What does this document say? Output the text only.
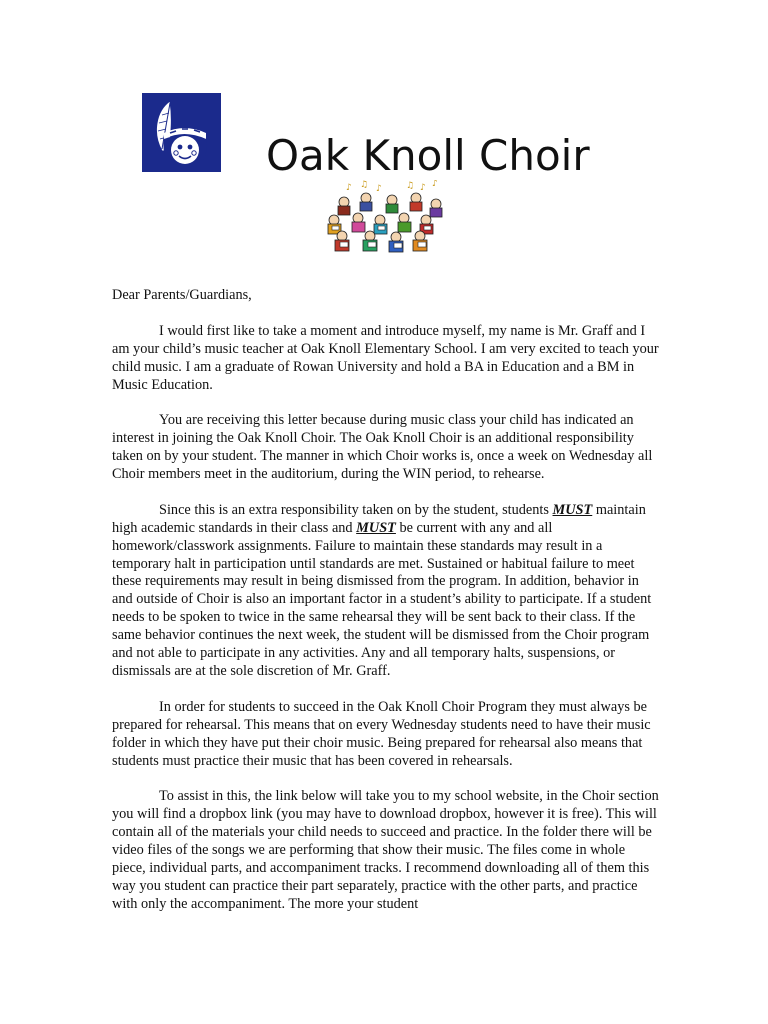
Oak Knoll Choir
♪ ♫ ♪	♫ ♪ ♪

Dear Parents/Guardians,

I would first like to take a moment and introduce myself, my name is Mr. Graff and I am your child’s music teacher at Oak Knoll Elementary School. I am very excited to teach your child music. I am a graduate of Rowan University and hold a BA in Education and a BM in Music Education.

You are receiving this letter because during music class your child has indicated an interest in joining the Oak Knoll Choir. The Oak Knoll Choir is an additional responsibility taken on by your student. The manner in which Choir works is, once a week on Wednesday all Choir members meet in the auditorium, during the WIN period, to rehearse.

Since this is an extra responsibility taken on by the student, students MUST maintain high academic standards in their class and MUST be current with any and all homework/classwork assignments. Failure to maintain these standards may result in a temporary halt in participation until standards are met. Sustained or habitual failure to meet these requirements may result in being dismissed from the program. In addition, behavior in and outside of Choir is also an important factor in a student’s ability to participate. If a student needs to be spoken to twice in the same rehearsal they will be sent back to their class. If the same behavior continues the next week, the student will be dismissed from the Choir program and not able to participate in any activities. Any and all temporary halts, suspensions, or dismissals are at the sole discretion of Mr. Graff.

In order for students to succeed in the Oak Knoll Choir Program they must always be prepared for rehearsal. This means that on every Wednesday students need to have their music folder in which they have put their choir music. Being prepared for rehearsal also means that students must practice their music that has been covered in rehearsals.

To assist in this, the link below will take you to my school website, in the Choir section you will find a dropbox link (you may have to download dropbox, however it is free). This will contain all of the materials your child needs to succeed and practice. In the folder there will be video files of the songs we are performing that show their music. The files come in whole piece, individual parts, and accompaniment tracks. I recommend downloading all of them this way you student can practice their part separately, practice with the other parts, and practice with only the accompaniment. The more your student
